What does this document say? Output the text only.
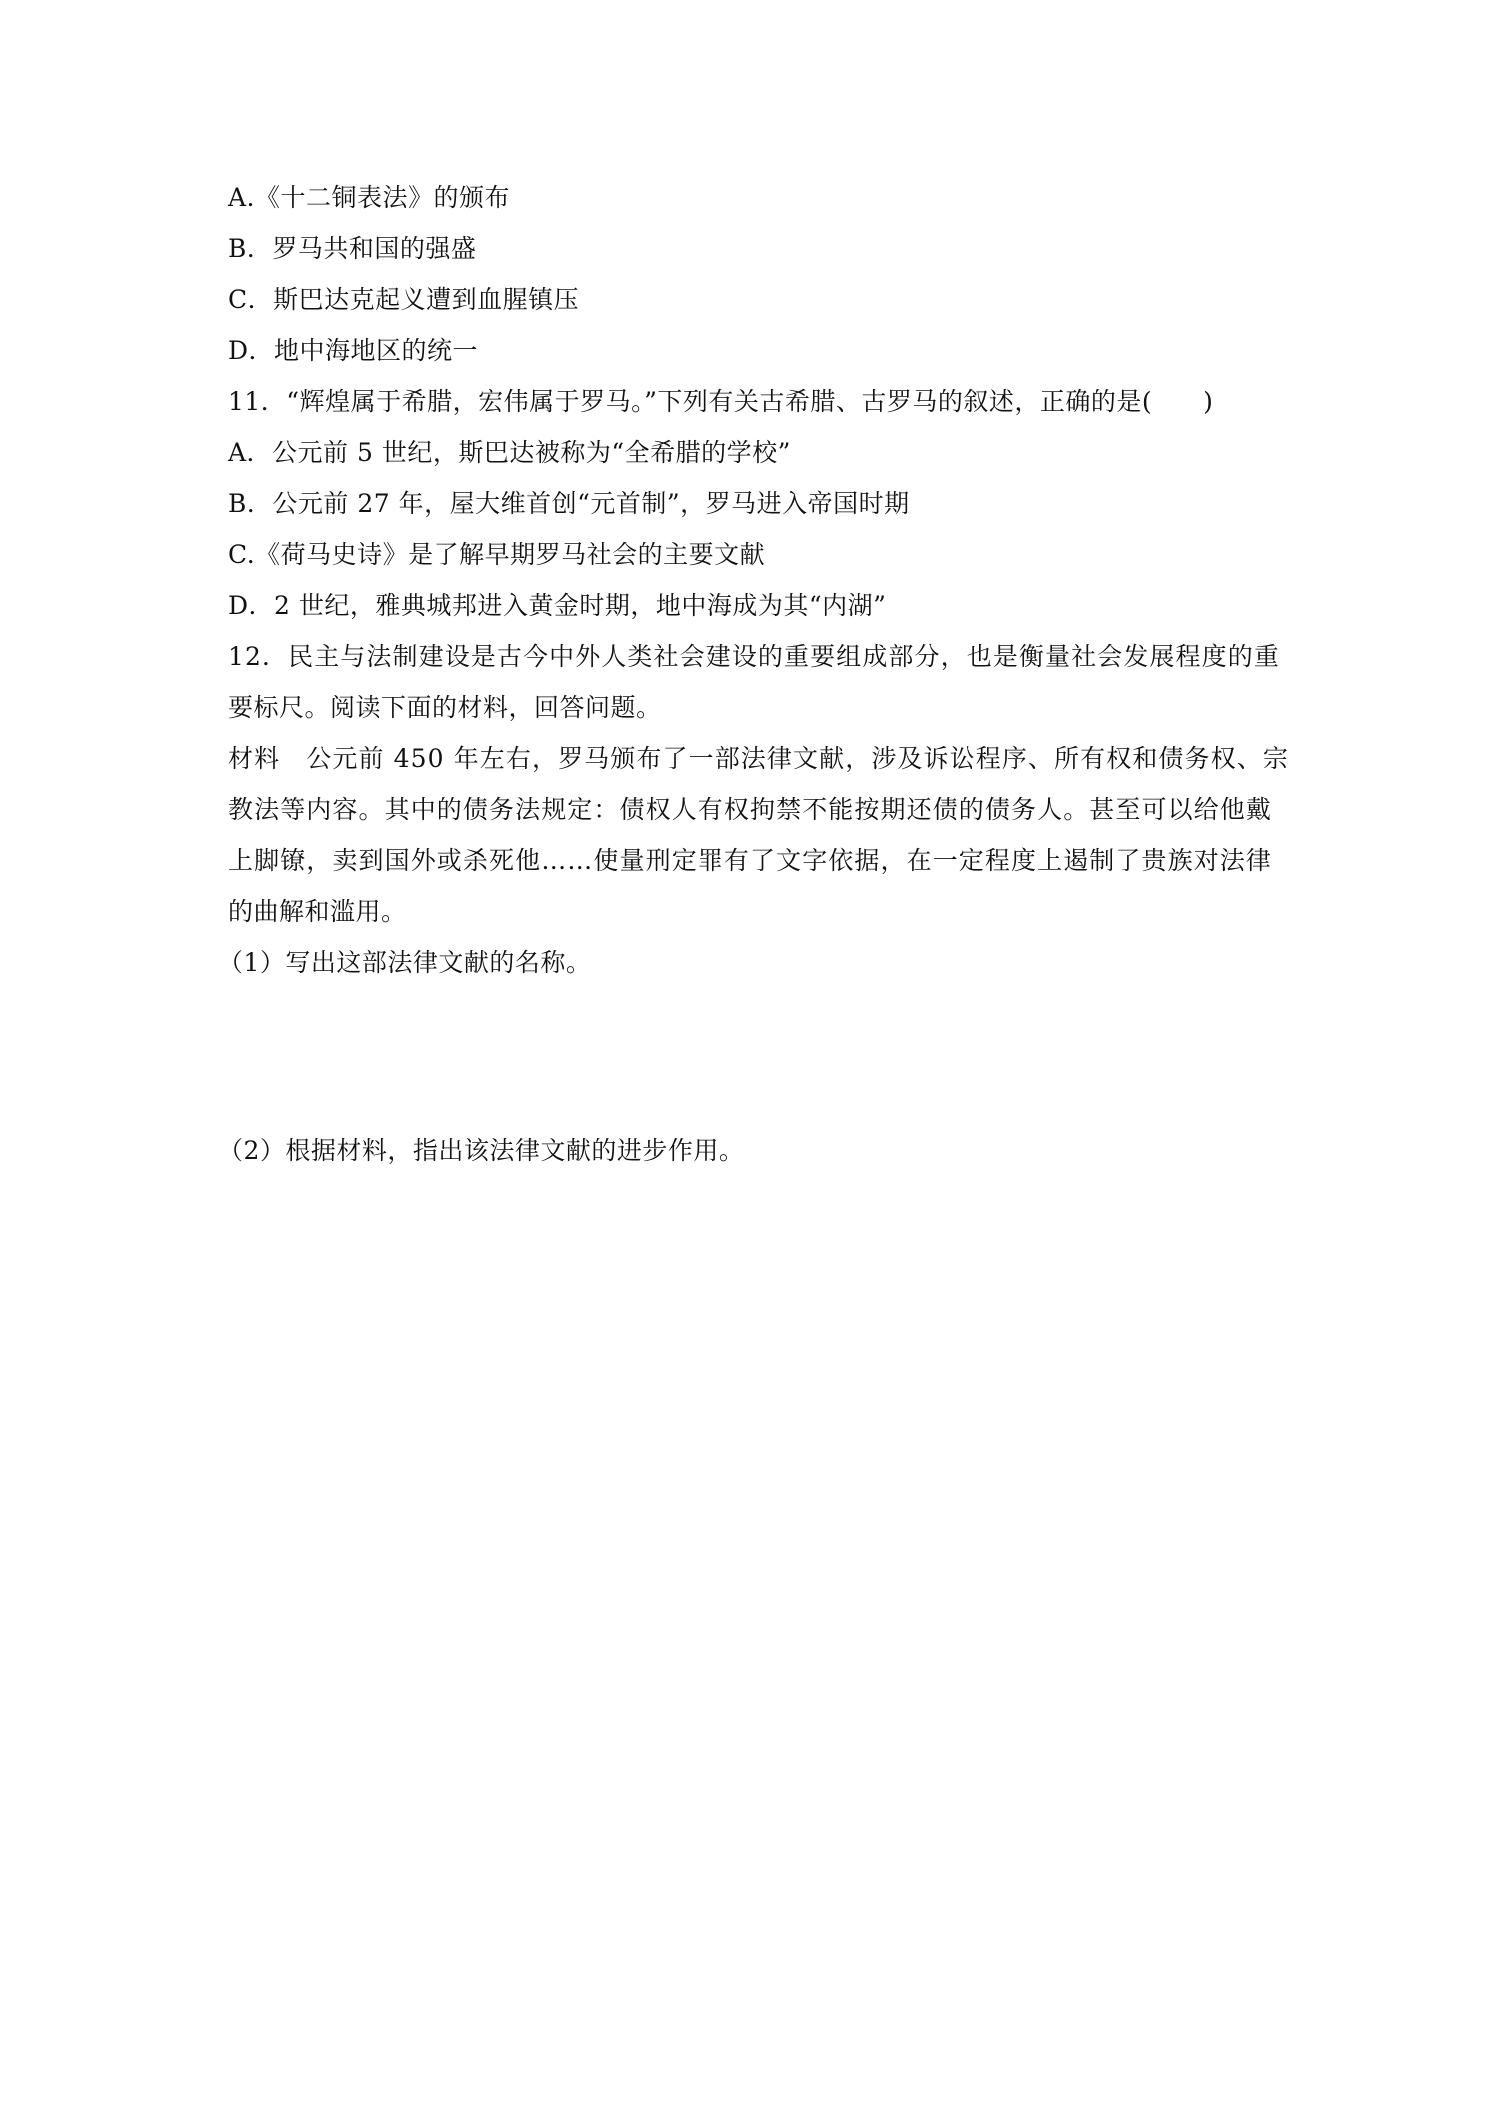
A.《十二铜表法》的颁布
B．罗马共和国的强盛
C．斯巴达克起义遭到血腥镇压
D．地中海地区的统一
11．“辉煌属于希腊，宏伟属于罗马。”下列有关古希腊、古罗马的叙述，正确的是(　　)
A．公元前 5 世纪，斯巴达被称为“全希腊的学校”
B．公元前 27 年，屋大维首创“元首制”，罗马进入帝国时期
C.《荷马史诗》是了解早期罗马社会的主要文献
D．2 世纪，雅典城邦进入黄金时期，地中海成为其“内湖”
12．民主与法制建设是古今中外人类社会建设的重要组成部分，也是衡量社会发展程度的重
要标尺。阅读下面的材料，回答问题。
材料　公元前 450 年左右，罗马颁布了一部法律文献，涉及诉讼程序、所有权和债务权、宗
教法等内容。其中的债务法规定：债权人有权拘禁不能按期还债的债务人。甚至可以给他戴
上脚镣，卖到国外或杀死他……使量刑定罪有了文字依据，在一定程度上遏制了贵族对法律
的曲解和滥用。
（1）写出这部法律文献的名称。
（2）根据材料，指出该法律文献的进步作用。
